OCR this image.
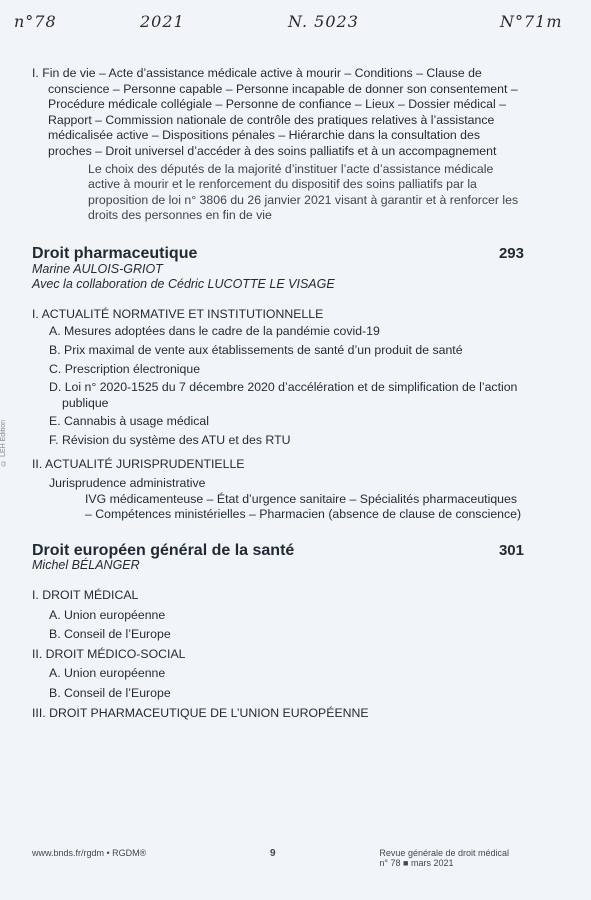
n°78	2021	N. 5023	N°71m
© LEH Edition

I. Fin de vie – Acte d’assistance médicale active à mourir – Conditions – Clause de conscience – Personne capable – Personne incapable de donner son consentement – Procédure médicale collégiale – Personne de confiance – Lieux – Dossier médical – Rapport – Commission nationale de contrôle des pratiques relatives à l’assistance médicalisée active – Dispositions pénales – Hiérarchie dans la consultation des proches – Droit universel d’accéder à des soins palliatifs et à un accompagnement

Le choix des députés de la majorité d’instituer l’acte d’assistance médicale active à mourir et le renforcement du dispositif des soins palliatifs par la proposition de loi n° 3806 du 26 janvier 2021 visant à garantir et à renforcer les droits des personnes en fin de vie
Droit pharmaceutique	293
Marine AULOIS-GRIOT
Avec la collaboration de Cédric LUCOTTE LE VISAGE
I. ACTUALITÉ NORMATIVE ET INSTITUTIONNELLE
A. Mesures adoptées dans le cadre de la pandémie covid-19
B. Prix maximal de vente aux établissements de santé d’un produit de santé
C. Prescription électronique
D. Loi n° 2020-1525 du 7 décembre 2020 d’accélération et de simplification de l’action publique
E. Cannabis à usage médical
F. Révision du système des ATU et des RTU
II. ACTUALITÉ JURISPRUDENTIELLE
Jurisprudence administrative
IVG médicamenteuse – État d’urgence sanitaire – Spécialités pharmaceutiques – Compétences ministérielles – Pharmacien (absence de clause de conscience)
Droit européen général de la santé	301
Michel BÉLANGER
I. DROIT MÉDICAL
A. Union européenne
B. Conseil de l’Europe
II. DROIT MÉDICO-SOCIAL
A. Union européenne
B. Conseil de l’Europe
III. DROIT PHARMACEUTIQUE DE L’UNION EUROPÉENNE
www.bnds.fr/rgdm • RGDM®	9	Revue générale de droit médical
n° 78 ■ mars 2021
